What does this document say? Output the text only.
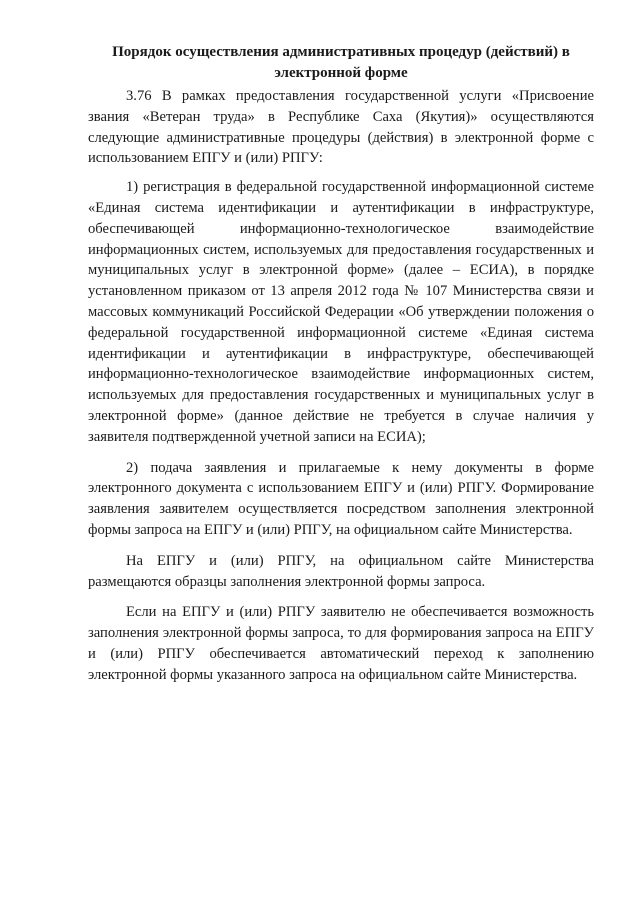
Порядок осуществления административных процедур (действий) в
электронной форме

3.76 В рамках предоставления государственной услуги «Присвоение звания «Ветеран труда» в Республике Саха (Якутия)» осуществляются следующие административные процедуры (действия) в электронной форме с использованием ЕПГУ и (или) РПГУ:

1) регистрация в федеральной государственной информационной системе «Единая система идентификации и аутентификации в инфраструктуре, обеспечивающей информационно-технологическое взаимодействие информационных систем, используемых для предоставления государственных и муниципальных услуг в электронной форме» (далее – ЕСИА), в порядке установленном приказом от 13 апреля 2012 года № 107 Министерства связи и массовых коммуникаций Российской Федерации «Об утверждении положения о федеральной государственной информационной системе «Единая система идентификации и аутентификации в инфраструктуре, обеспечивающей информационно-технологическое взаимодействие информационных систем, используемых для предоставления государственных и муниципальных услуг в электронной форме» (данное действие не требуется в случае наличия у заявителя подтвержденной учетной записи на ЕСИА);

2) подача заявления и прилагаемые к нему документы в форме электронного документа с использованием ЕПГУ и (или) РПГУ. Формирование заявления заявителем осуществляется посредством заполнения электронной формы запроса на ЕПГУ и (или) РПГУ, на официальном сайте Министерства.

На ЕПГУ и (или) РПГУ, на официальном сайте Министерства размещаются образцы заполнения электронной формы запроса.

Если на ЕПГУ и (или) РПГУ заявителю не обеспечивается возможность заполнения электронной формы запроса, то для формирования запроса на ЕПГУ и (или) РПГУ обеспечивается автоматический переход к заполнению электронной формы указанного запроса на официальном сайте Министерства.
